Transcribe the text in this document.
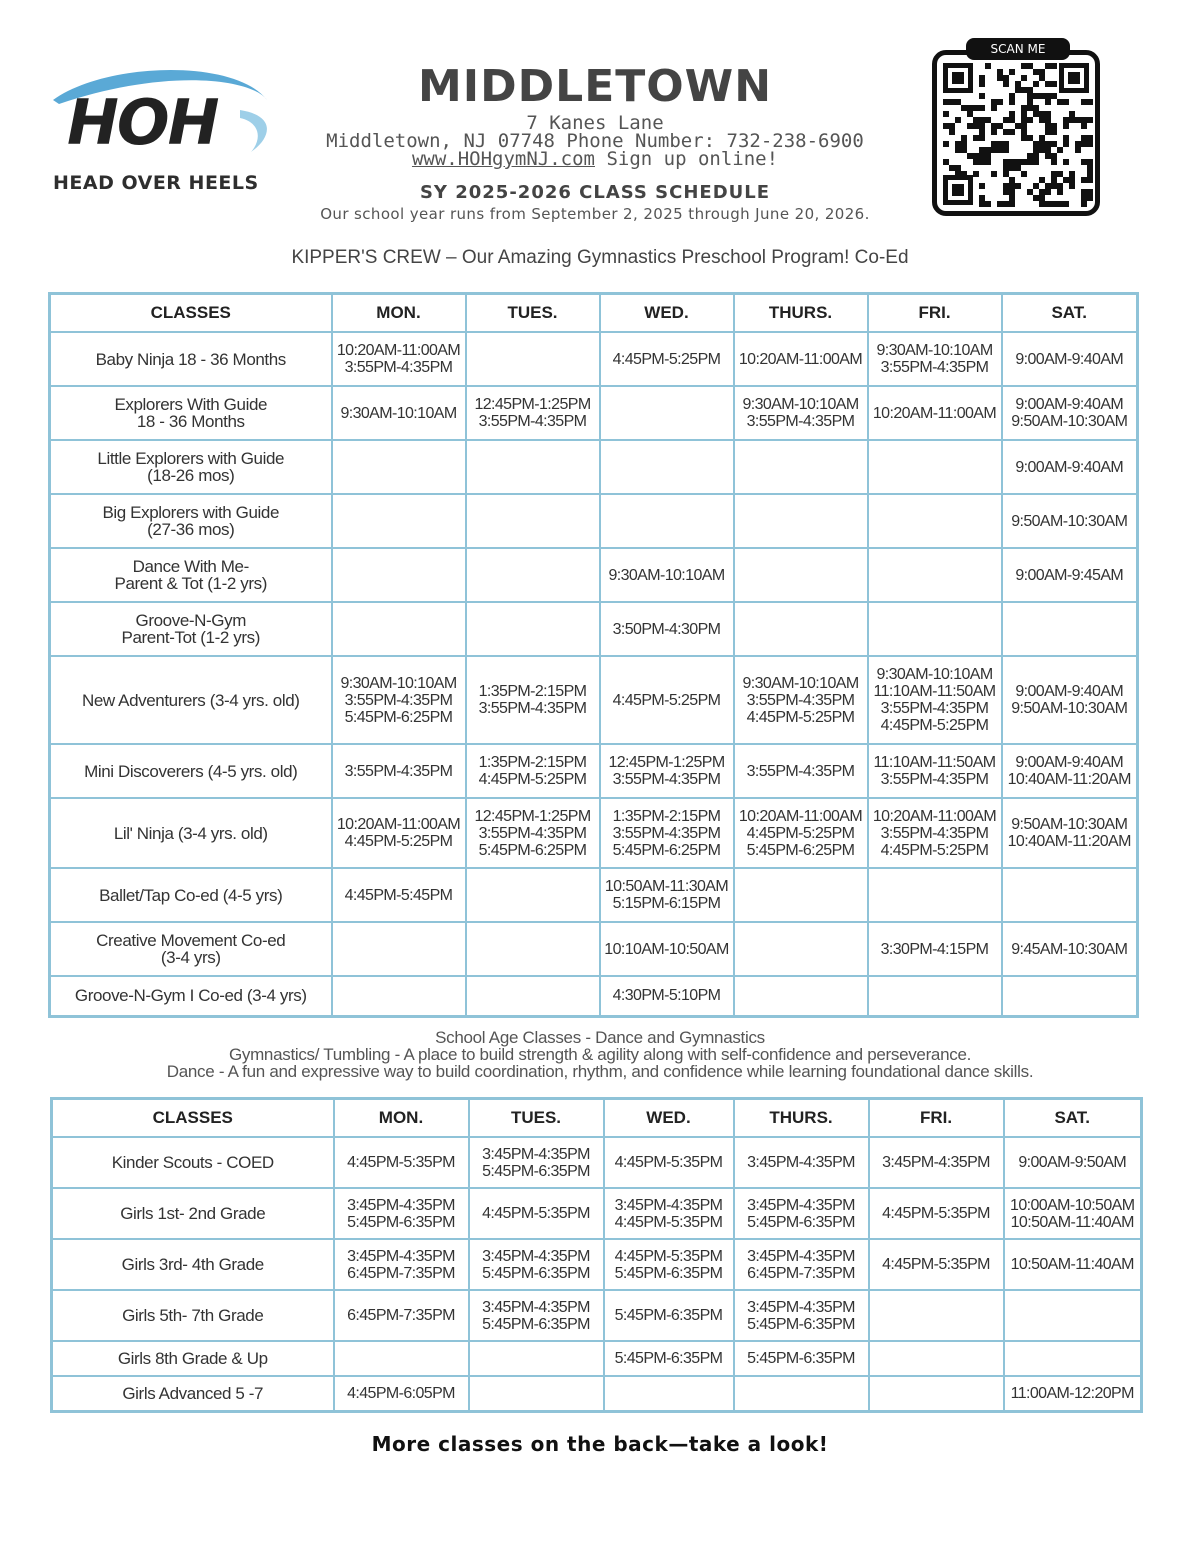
HOH
HEAD OVER HEELS
MIDDLETOWN
7 Kanes Lane
Middletown, NJ 07748 Phone Number: 732-238-6900
www.HOHgymNJ.com Sign up online!
SY 2025-2026 CLASS SCHEDULE
Our school year runs from September 2, 2025 through June 20, 2026.
SCAN ME
KIPPER'S CREW – Our Amazing Gymnastics Preschool Program! Co-Ed
CLASSES	MON.	TUES.	WED.	THURS.	FRI.	SAT.
Baby Ninja 18 - 36 Months	10:20AM-11:00AM
3:55PM-4:35PM		4:45PM-5:25PM	10:20AM-11:00AM	9:30AM-10:10AM
3:55PM-4:35PM	9:00AM-9:40AM
Explorers With Guide
18 - 36 Months	9:30AM-10:10AM	12:45PM-1:25PM
3:55PM-4:35PM		9:30AM-10:10AM
3:55PM-4:35PM	10:20AM-11:00AM	9:00AM-9:40AM
9:50AM-10:30AM
Little Explorers with Guide
(18-26 mos)						9:00AM-9:40AM
Big Explorers with Guide
(27-36 mos)						9:50AM-10:30AM
Dance With Me-
Parent & Tot (1-2 yrs)			9:30AM-10:10AM			9:00AM-9:45AM
Groove-N-Gym
Parent-Tot (1-2 yrs)			3:50PM-4:30PM			
New Adventurers (3-4 yrs. old)	9:30AM-10:10AM
3:55PM-4:35PM
5:45PM-6:25PM	1:35PM-2:15PM
3:55PM-4:35PM	4:45PM-5:25PM	9:30AM-10:10AM
3:55PM-4:35PM
4:45PM-5:25PM	9:30AM-10:10AM
11:10AM-11:50AM
3:55PM-4:35PM
4:45PM-5:25PM	9:00AM-9:40AM
9:50AM-10:30AM
Mini Discoverers (4-5 yrs. old)	3:55PM-4:35PM	1:35PM-2:15PM
4:45PM-5:25PM	12:45PM-1:25PM
3:55PM-4:35PM	3:55PM-4:35PM	11:10AM-11:50AM
3:55PM-4:35PM	9:00AM-9:40AM
10:40AM-11:20AM
Lil' Ninja (3-4 yrs. old)	10:20AM-11:00AM
4:45PM-5:25PM	12:45PM-1:25PM
3:55PM-4:35PM
5:45PM-6:25PM	1:35PM-2:15PM
3:55PM-4:35PM
5:45PM-6:25PM	10:20AM-11:00AM
4:45PM-5:25PM
5:45PM-6:25PM	10:20AM-11:00AM
3:55PM-4:35PM
4:45PM-5:25PM	9:50AM-10:30AM
10:40AM-11:20AM
Ballet/Tap Co-ed (4-5 yrs)	4:45PM-5:45PM		10:50AM-11:30AM
5:15PM-6:15PM			
Creative Movement Co-ed
(3-4 yrs)			10:10AM-10:50AM		3:30PM-4:15PM	9:45AM-10:30AM
Groove-N-Gym I Co-ed (3-4 yrs)			4:30PM-5:10PM			
School Age Classes - Dance and Gymnastics
Gymnastics/ Tumbling - A place to build strength & agility along with self-confidence and perseverance.
Dance - A fun and expressive way to build coordination, rhythm, and confidence while learning foundational dance skills.
CLASSES	MON.	TUES.	WED.	THURS.	FRI.	SAT.
Kinder Scouts - COED	4:45PM-5:35PM	3:45PM-4:35PM
5:45PM-6:35PM	4:45PM-5:35PM	3:45PM-4:35PM	3:45PM-4:35PM	9:00AM-9:50AM
Girls 1st- 2nd Grade	3:45PM-4:35PM
5:45PM-6:35PM	4:45PM-5:35PM	3:45PM-4:35PM
4:45PM-5:35PM	3:45PM-4:35PM
5:45PM-6:35PM	4:45PM-5:35PM	10:00AM-10:50AM
10:50AM-11:40AM
Girls 3rd- 4th Grade	3:45PM-4:35PM
6:45PM-7:35PM	3:45PM-4:35PM
5:45PM-6:35PM	4:45PM-5:35PM
5:45PM-6:35PM	3:45PM-4:35PM
6:45PM-7:35PM	4:45PM-5:35PM	10:50AM-11:40AM
Girls 5th- 7th Grade	6:45PM-7:35PM	3:45PM-4:35PM
5:45PM-6:35PM	5:45PM-6:35PM	3:45PM-4:35PM
5:45PM-6:35PM		
Girls 8th Grade & Up			5:45PM-6:35PM	5:45PM-6:35PM		
Girls Advanced 5 -7	4:45PM-6:05PM					11:00AM-12:20PM
More classes on the back—take a look!
